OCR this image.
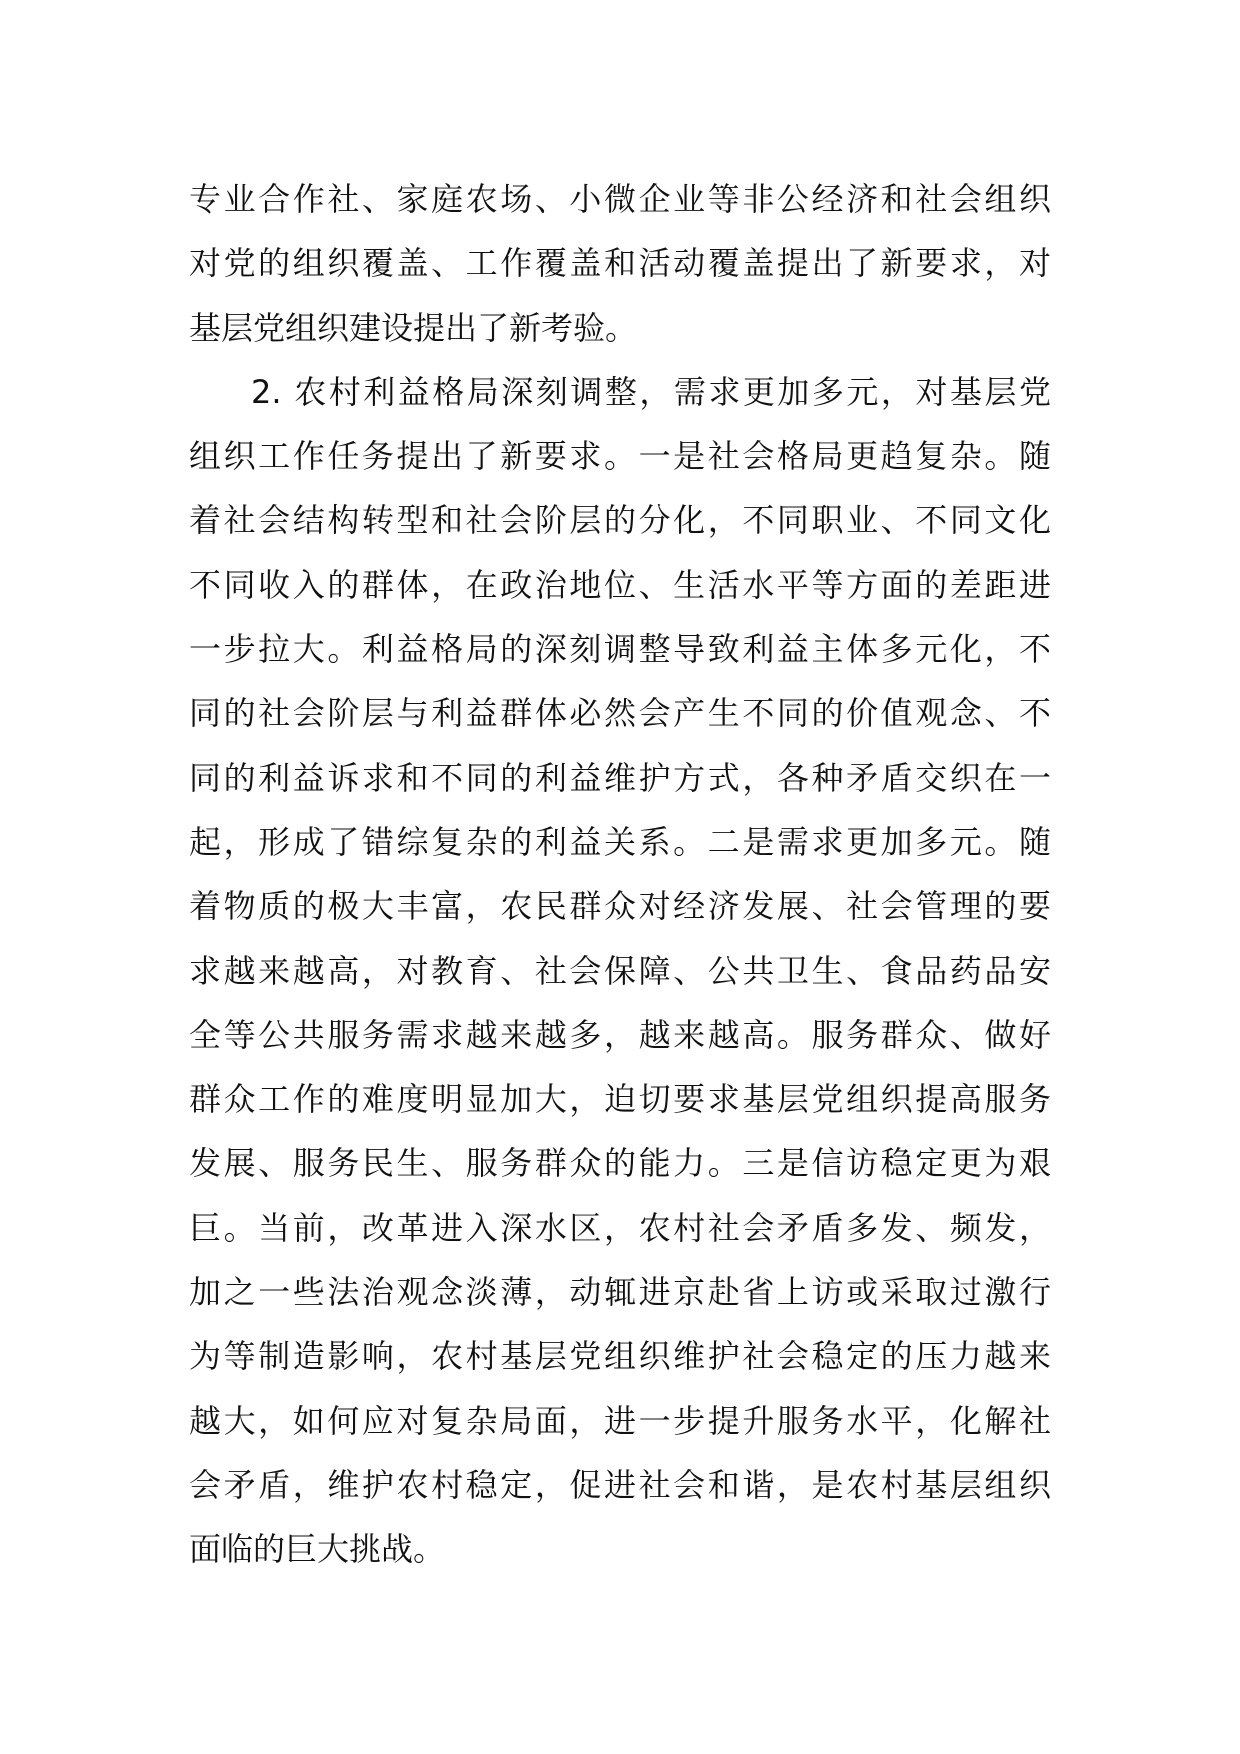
专业合作社、家庭农场、小微企业等非公经济和社会组织
对党的组织覆盖、工作覆盖和活动覆盖提出了新要求，对
基层党组织建设提出了新考验。
2. 农村利益格局深刻调整，需求更加多元，对基层党
组织工作任务提出了新要求。一是社会格局更趋复杂。随
着社会结构转型和社会阶层的分化，不同职业、不同文化
不同收入的群体，在政治地位、生活水平等方面的差距进
一步拉大。利益格局的深刻调整导致利益主体多元化，不
同的社会阶层与利益群体必然会产生不同的价值观念、不
同的利益诉求和不同的利益维护方式，各种矛盾交织在一
起，形成了错综复杂的利益关系。二是需求更加多元。随
着物质的极大丰富，农民群众对经济发展、社会管理的要
求越来越高，对教育、社会保障、公共卫生、食品药品安
全等公共服务需求越来越多，越来越高。服务群众、做好
群众工作的难度明显加大，迫切要求基层党组织提高服务
发展、服务民生、服务群众的能力。三是信访稳定更为艰
巨。当前，改革进入深水区，农村社会矛盾多发、频发，
加之一些法治观念淡薄，动辄进京赴省上访或采取过激行
为等制造影响，农村基层党组织维护社会稳定的压力越来
越大，如何应对复杂局面，进一步提升服务水平，化解社
会矛盾，维护农村稳定，促进社会和谐，是农村基层组织
面临的巨大挑战。
